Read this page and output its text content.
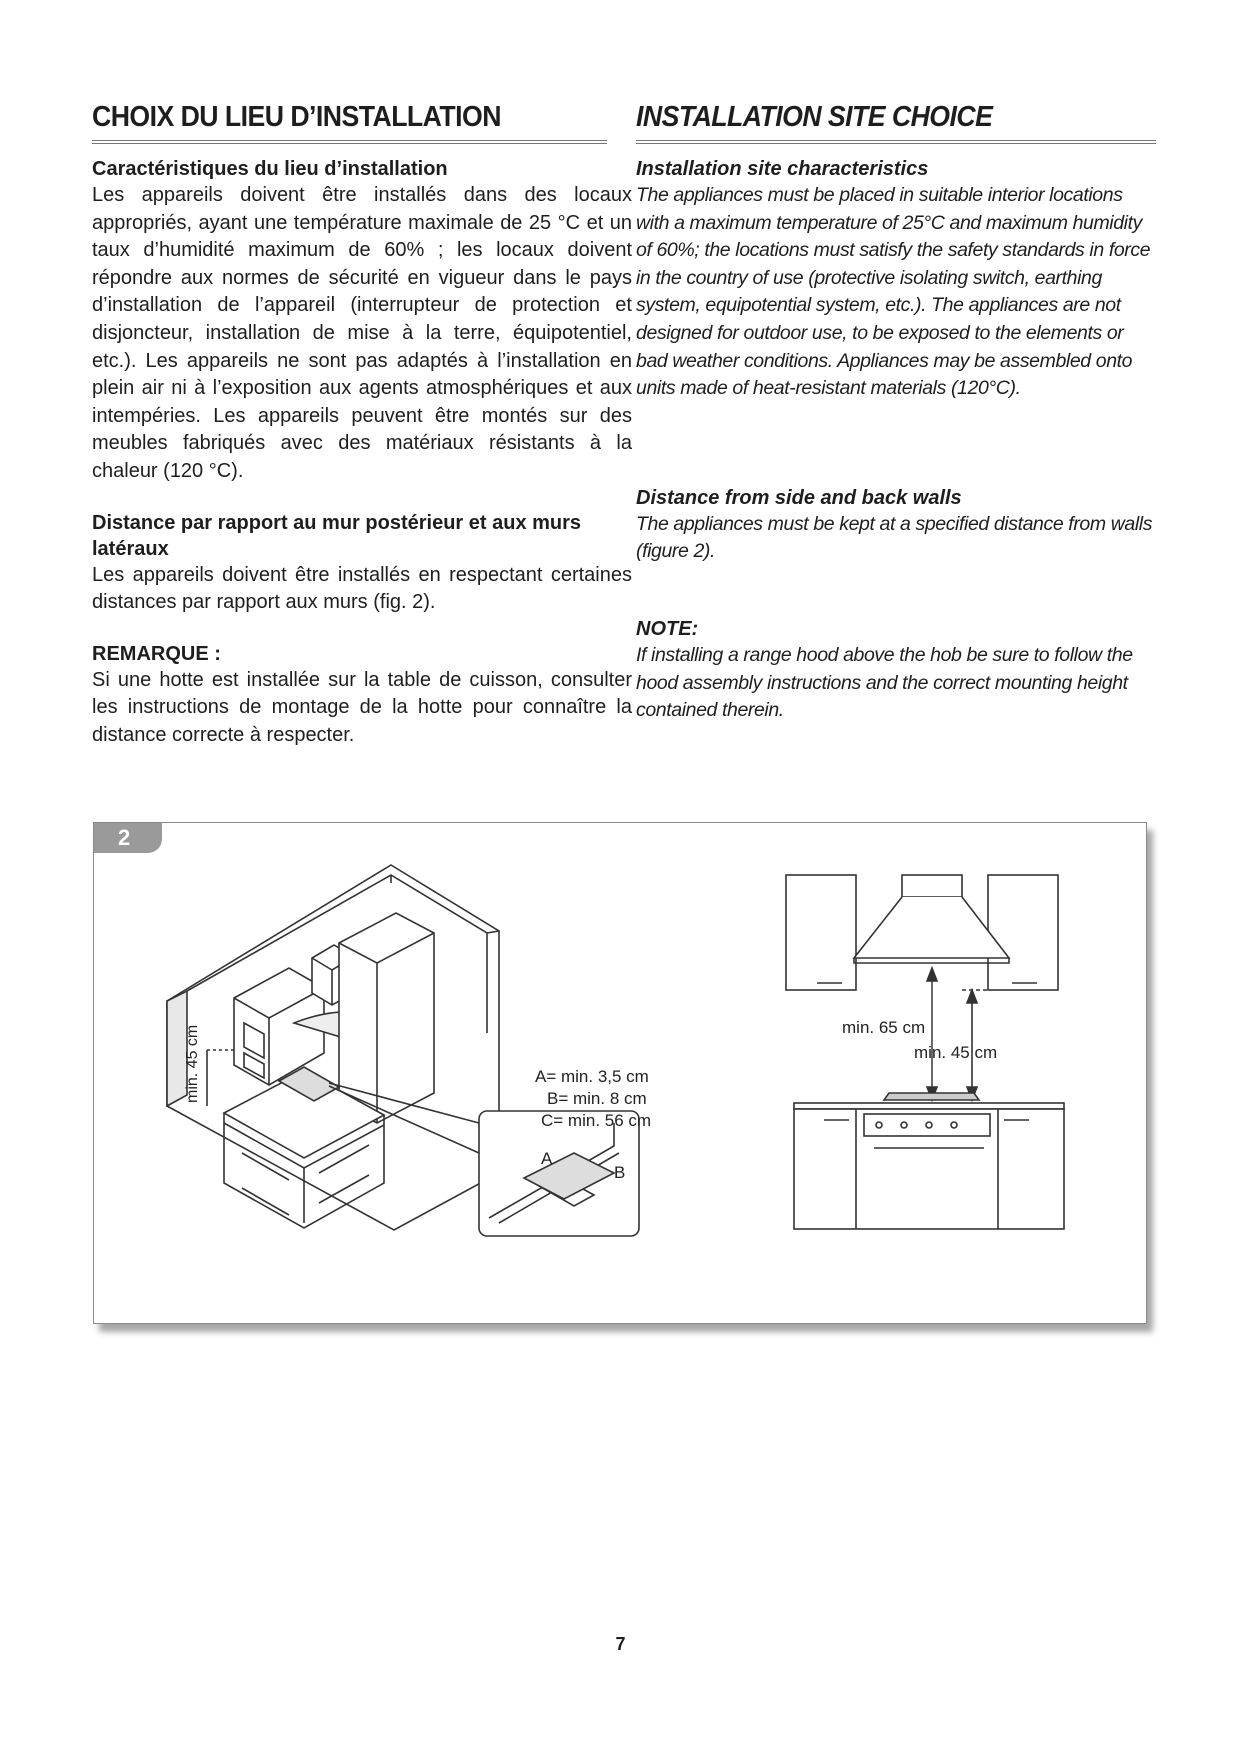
CHOIX DU LIEU D’INSTALLATION

Caractéristiques du lieu d’installation

Les appareils doivent être installés dans des locaux appropriés, ayant une température maximale de 25 °C et un taux d’humidité maximum de 60% ; les locaux doivent répondre aux normes de sécurité en vigueur dans le pays d’installation de l’appareil (interrupteur de protection et disjoncteur, installation de mise à la terre, équipotentiel, etc.). Les appareils ne sont pas adaptés à l’installation en plein air ni à l’exposition aux agents atmosphériques et aux intempéries. Les appareils peuvent être montés sur des meubles fabriqués avec des matériaux résistants à la chaleur (120 °C).

Distance par rapport au mur postérieur et aux murs latéraux

Les appareils doivent être installés en respectant certaines distances par rapport aux murs (fig. 2).

REMARQUE :

Si une hotte est installée sur la table de cuisson, consulter les instructions de montage de la hotte pour connaître la distance correcte à respecter.

INSTALLATION SITE CHOICE

Installation site characteristics

The appliances must be placed in suitable interior locations with a maximum temperature of 25°C and maximum humidity of 60%; the locations must satisfy the safety standards in force in the country of use (protective isolating switch, earthing system, equipotential system, etc.). The appliances are not designed for outdoor use, to be exposed to the elements or bad weather conditions. Appliances may be assembled onto units made of heat-resistant materials (120°C).

Distance from side and back walls

The appliances must be kept at a specified distance from walls (figure 2).

NOTE:

If installing a range hood above the hob be sure to follow the hood assembly instructions and the correct mounting height contained therein.

2
min. 45 cm	A= min. 3,5 cm
B= min. 8 cm
C= min. 56 cm
A
B
min. 65 cm
min. 45 cm
7
